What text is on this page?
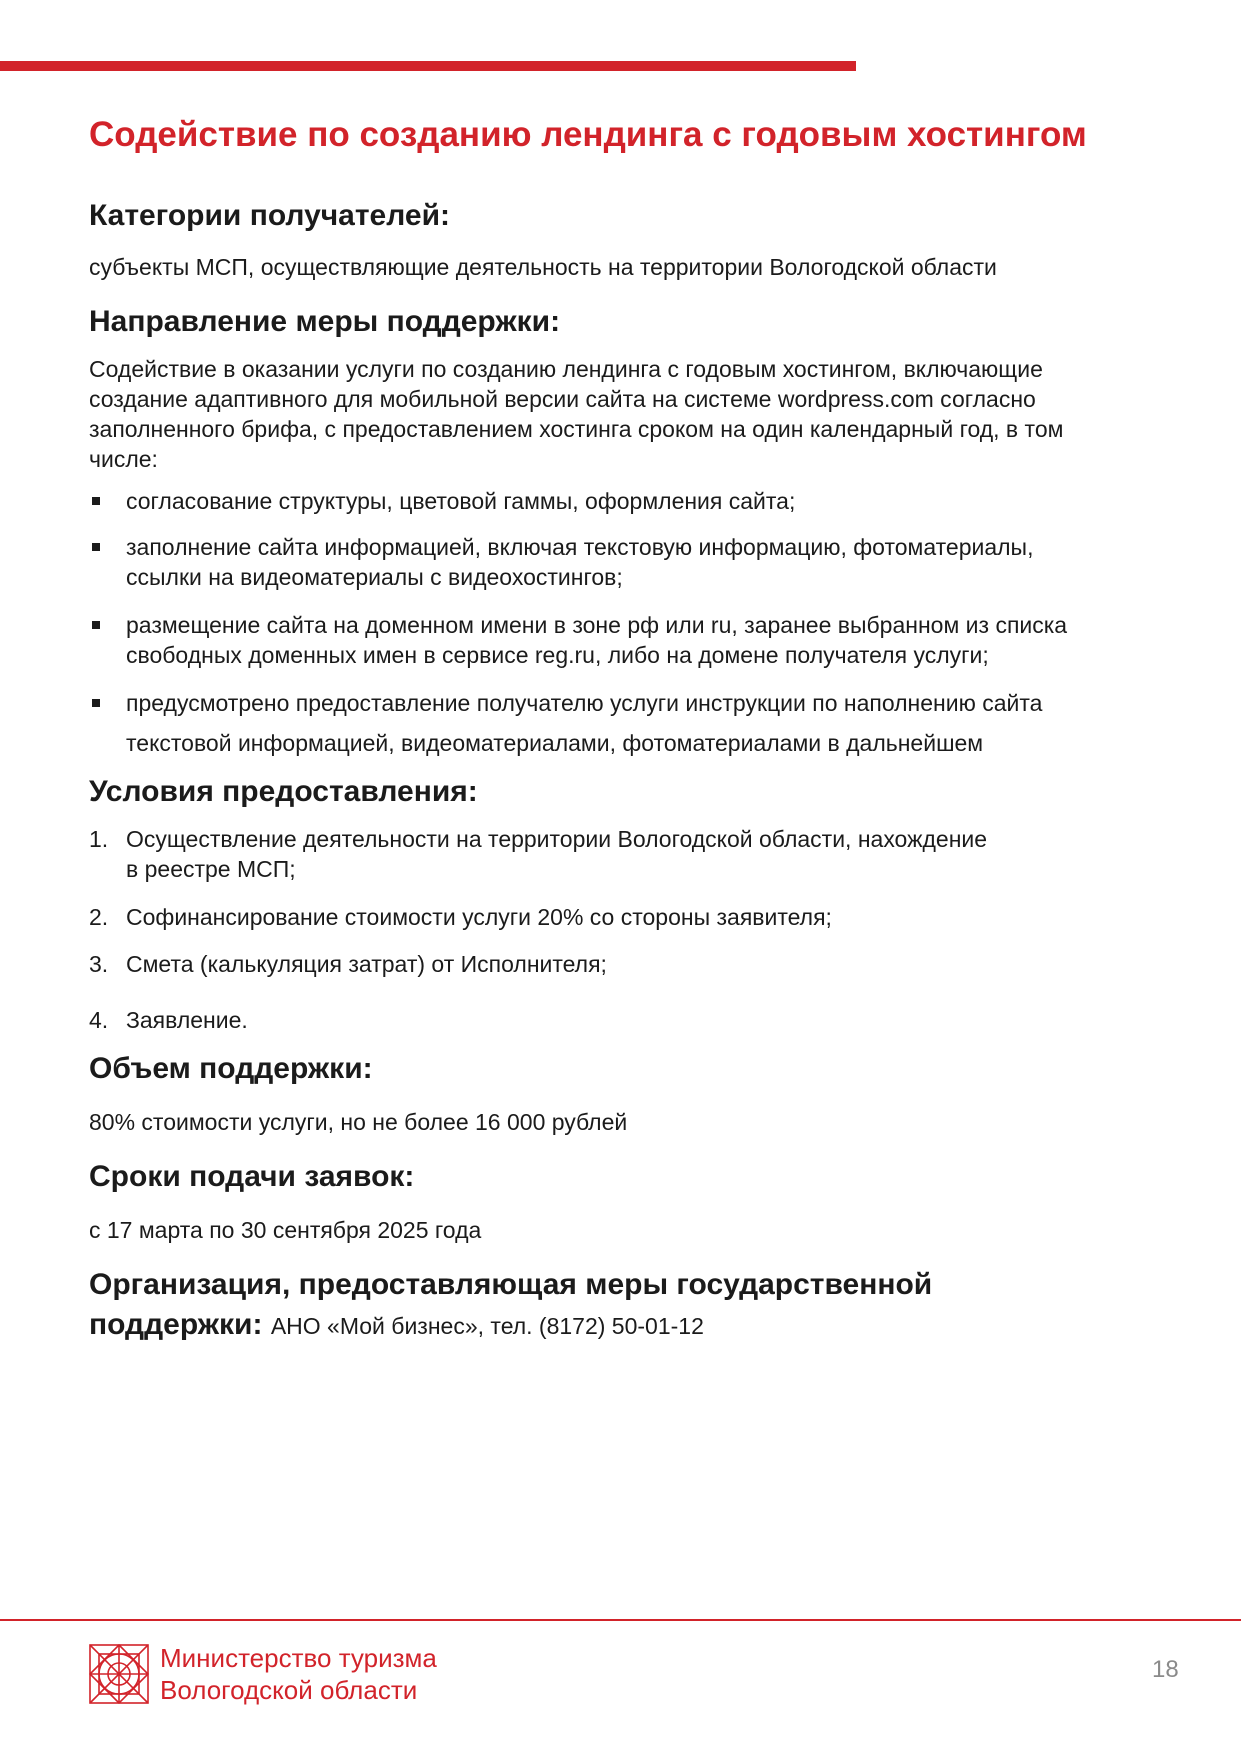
Содействие по созданию лендинга с годовым хостингом
Категории получателей:

субъекты МСП, осуществляющие деятельность на территории Вологодской области

Направление меры поддержки:
Содействие в оказании услуги по созданию лендинга с годовым хостингом, включающие
создание адаптивного для мобильной версии сайта на системе wordpress.com согласно
заполненного брифа, с предоставлением хостинга сроком на один календарный год, в том
числе:
согласование структуры, цветовой гаммы, оформления сайта;
заполнение сайта информацией, включая текстовую информацию, фотоматериалы,
ссылки на видеоматериалы с видеохостингов;
размещение сайта на доменном имени в зоне рф или ru, заранее выбранном из списка
свободных доменных имен в сервисе reg.ru, либо на домене получателя услуги;
предусмотрено предоставление получателю услуги инструкции по наполнению сайта
текстовой информацией, видеоматериалами, фотоматериалами в дальнейшем
Условия предоставления:
1. Осуществление деятельности на территории Вологодской области, нахождение
в реестре МСП;
2. Софинансирование стоимости услуги 20% со стороны заявителя;
3. Смета (калькуляция затрат) от Исполнителя;
4. Заявление.
Объем поддержки:

80% стоимости услуги, но не более 16 000 рублей

Сроки подачи заявок:

с 17 марта по 30 сентября 2025 года

Организация, предоставляющая меры государственной
поддержки: АНО «Мой бизнес», тел. (8172) 50-01-12
Министерство туризма
Вологодской области
18
